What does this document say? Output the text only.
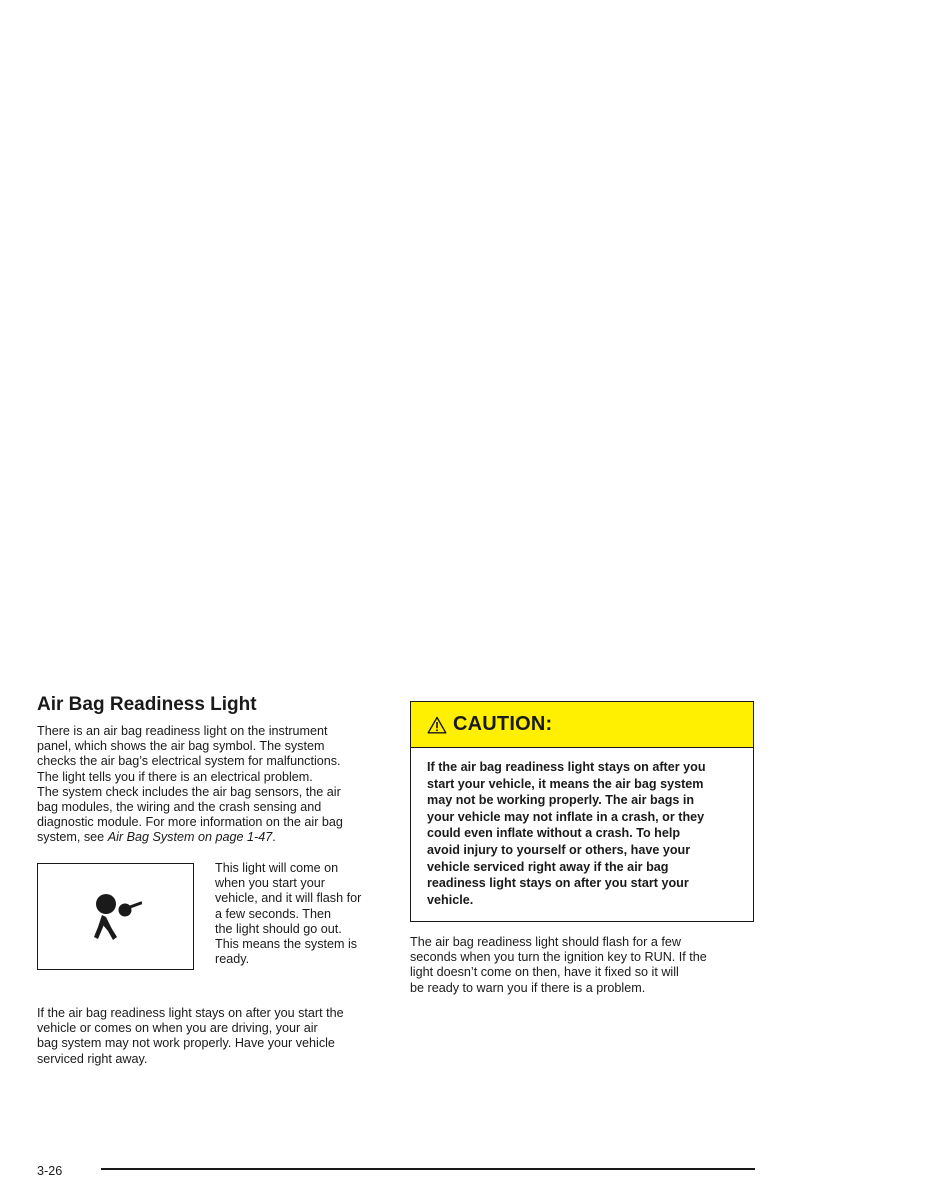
Air Bag Readiness Light

There is an air bag readiness light on the instrument
panel, which shows the air bag symbol. The system
checks the air bag’s electrical system for malfunctions.
The light tells you if there is an electrical problem.
The system check includes the air bag sensors, the air
bag modules, the wiring and the crash sensing and
diagnostic module. For more information on the air bag
system, see Air Bag System on page 1-47.

This light will come on
when you start your
vehicle, and it will flash for
a few seconds. Then
the light should go out.
This means the system is
ready.
If the air bag readiness light stays on after you start the
vehicle or comes on when you are driving, your air
bag system may not work properly. Have your vehicle
serviced right away.
CAUTION:
If the air bag readiness light stays on after you
start your vehicle, it means the air bag system
may not be working properly. The air bags in
your vehicle may not inflate in a crash, or they
could even inflate without a crash. To help
avoid injury to yourself or others, have your
vehicle serviced right away if the air bag
readiness light stays on after you start your
vehicle.
The air bag readiness light should flash for a few
seconds when you turn the ignition key to RUN. If the
light doesn’t come on then, have it fixed so it will
be ready to warn you if there is a problem.
3-26
